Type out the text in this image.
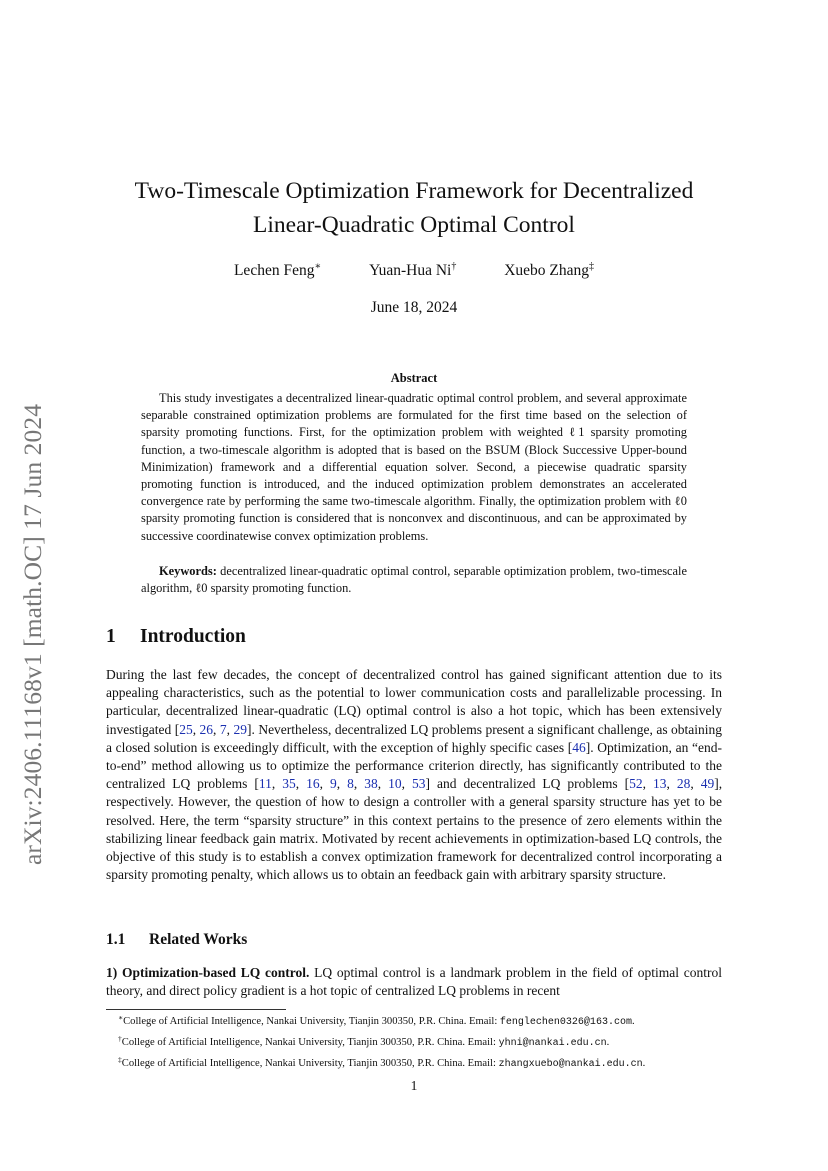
arXiv:2406.11168v1 [math.OC] 17 Jun 2024
Two-Timescale Optimization Framework for Decentralized
Linear-Quadratic Optimal Control
Lechen Feng∗	Yuan-Hua Ni†	Xuebo Zhang‡
June 18, 2024
Abstract

This study investigates a decentralized linear-quadratic optimal control problem, and several approximate separable constrained optimization problems are formulated for the first time based on the selection of sparsity promoting functions. First, for the optimization problem with weighted ℓ1 sparsity promoting function, a two-timescale algorithm is adopted that is based on the BSUM (Block Successive Upper-bound Minimization) framework and a differential equation solver. Second, a piecewise quadratic sparsity promoting function is introduced, and the induced optimization problem demonstrates an accelerated convergence rate by performing the same two-timescale algorithm. Finally, the optimization problem with ℓ0 sparsity promoting function is considered that is nonconvex and discontinuous, and can be approximated by successive coordinatewise convex optimization problems.

Keywords: decentralized linear-quadratic optimal control, separable optimization problem, two-timescale algorithm, ℓ0 sparsity promoting function.

1 Introduction

During the last few decades, the concept of decentralized control has gained significant attention due to its appealing characteristics, such as the potential to lower communication costs and parallelizable processing. In particular, decentralized linear-quadratic (LQ) optimal control is also a hot topic, which has been extensively investigated [25, 26, 7, 29]. Nevertheless, decentralized LQ problems present a significant challenge, as obtaining a closed solution is exceedingly difficult, with the exception of highly specific cases [46]. Optimization, an “end-to-end” method allowing us to optimize the performance criterion directly, has significantly contributed to the centralized LQ problems [11, 35, 16, 9, 8, 38, 10, 53] and decentralized LQ problems [52, 13, 28, 49], respectively. However, the question of how to design a controller with a general sparsity structure has yet to be resolved. Here, the term “sparsity structure” in this context pertains to the presence of zero elements within the stabilizing linear feedback gain matrix. Motivated by recent achievements in optimization-based LQ controls, the objective of this study is to establish a convex optimization framework for decentralized control incorporating a sparsity promoting penalty, which allows us to obtain an feedback gain with arbitrary sparsity structure.

1.1 Related Works

1) Optimization-based LQ control. LQ optimal control is a landmark problem in the field of optimal control theory, and direct policy gradient is a hot topic of centralized LQ problems in recent

∗College of Artificial Intelligence, Nankai University, Tianjin 300350, P.R. China. Email: fenglechen0326@163.com.
†College of Artificial Intelligence, Nankai University, Tianjin 300350, P.R. China. Email: yhni@nankai.edu.cn.
‡College of Artificial Intelligence, Nankai University, Tianjin 300350, P.R. China. Email: zhangxuebo@nankai.edu.cn.
1
